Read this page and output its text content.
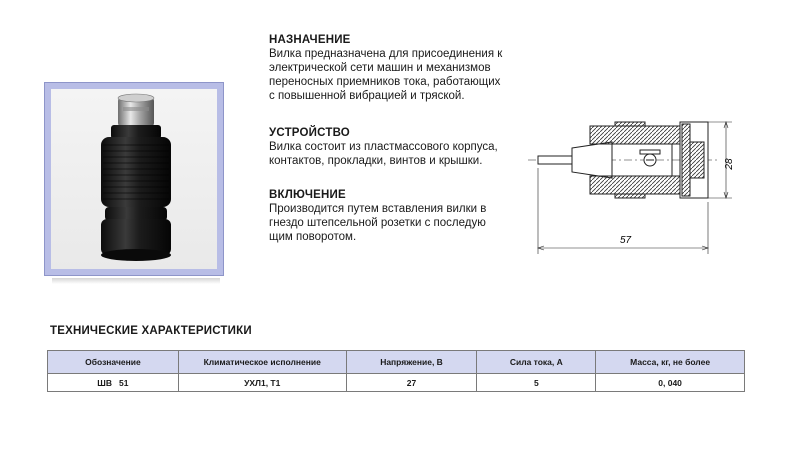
НАЗНАЧЕНИЕ
Вилка предназначена для присоединения к
электрической сети машин и механизмов
переносных приемников тока, работающих
с повышенной вибрацией и тряской.
УСТРОЙСТВО
Вилка состоит из пластмассового корпуса,
контактов, прокладки, винтов и крышки.
ВКЛЮЧЕНИЕ
Производится путем вставления вилки в
гнездо штепсельной розетки с последую
щим поворотом.	57
28
ТЕХНИЧЕСКИЕ ХАРАКТЕРИСТИКИ
Обозначение	Климатическое исполнение	Напряжение, В	Сила тока, А	Масса, кг, не более
ШВ   51	УХЛ1, Т1	27	5	0, 040
